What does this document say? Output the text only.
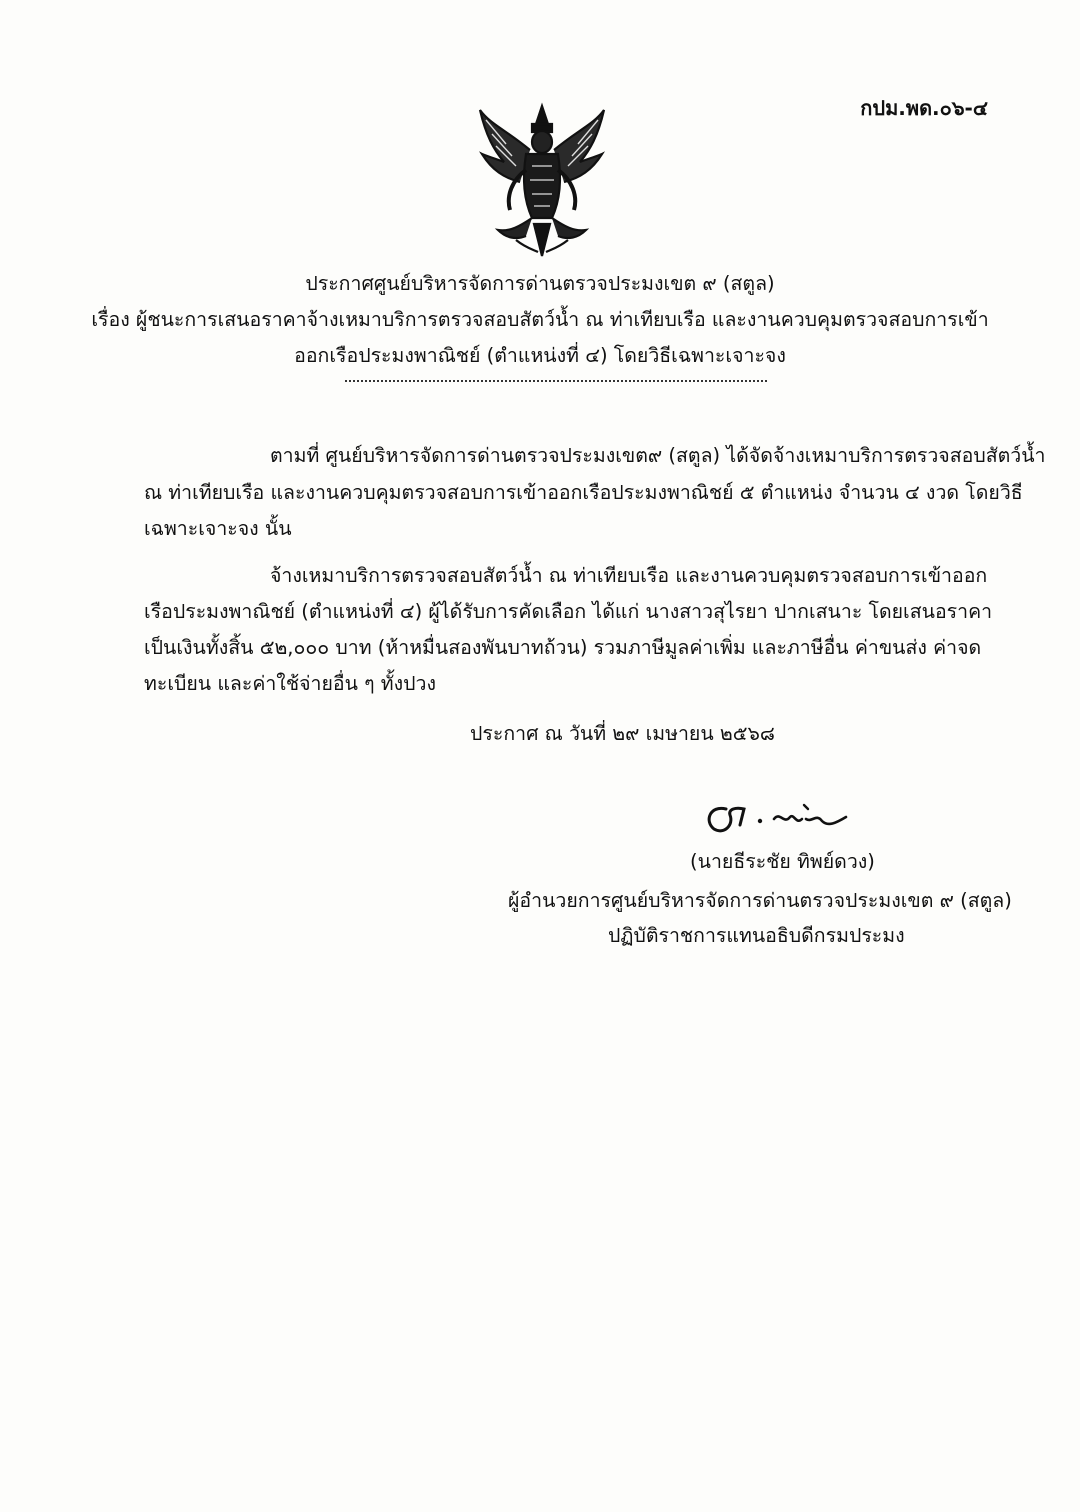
กปม.พด.๐๖-๔
ประกาศศูนย์บริหารจัดการด่านตรวจประมงเขต ๙ (สตูล)
เรื่อง ผู้ชนะการเสนอราคาจ้างเหมาบริการตรวจสอบสัตว์น้ำ ณ ท่าเทียบเรือ และงานควบคุมตรวจสอบการเข้า
ออกเรือประมงพาณิชย์ (ตำแหน่งที่ ๔) โดยวิธีเฉพาะเจาะจง
ตามที่ ศูนย์บริหารจัดการด่านตรวจประมงเขต๙ (สตูล) ได้จัดจ้างเหมาบริการตรวจสอบสัตว์น้ำ
ณ ท่าเทียบเรือ และงานควบคุมตรวจสอบการเข้าออกเรือประมงพาณิชย์ ๕ ตำแหน่ง จำนวน ๔ งวด โดยวิธี
เฉพาะเจาะจง นั้น
จ้างเหมาบริการตรวจสอบสัตว์น้ำ ณ ท่าเทียบเรือ และงานควบคุมตรวจสอบการเข้าออก
เรือประมงพาณิชย์ (ตำแหน่งที่ ๔) ผู้ได้รับการคัดเลือก ได้แก่ นางสาวสุไรยา ปากเสนาะ โดยเสนอราคา
เป็นเงินทั้งสิ้น ๕๒,๐๐๐ บาท (ห้าหมื่นสองพันบาทถ้วน) รวมภาษีมูลค่าเพิ่ม และภาษีอื่น ค่าขนส่ง ค่าจด
ทะเบียน และค่าใช้จ่ายอื่น ๆ ทั้งปวง
ประกาศ ณ วันที่ ๒๙ เมษายน ๒๕๖๘
(นายธีระชัย ทิพย์ดวง)
ผู้อำนวยการศูนย์บริหารจัดการด่านตรวจประมงเขต ๙ (สตูล)
ปฏิบัติราชการแทนอธิบดีกรมประมง
